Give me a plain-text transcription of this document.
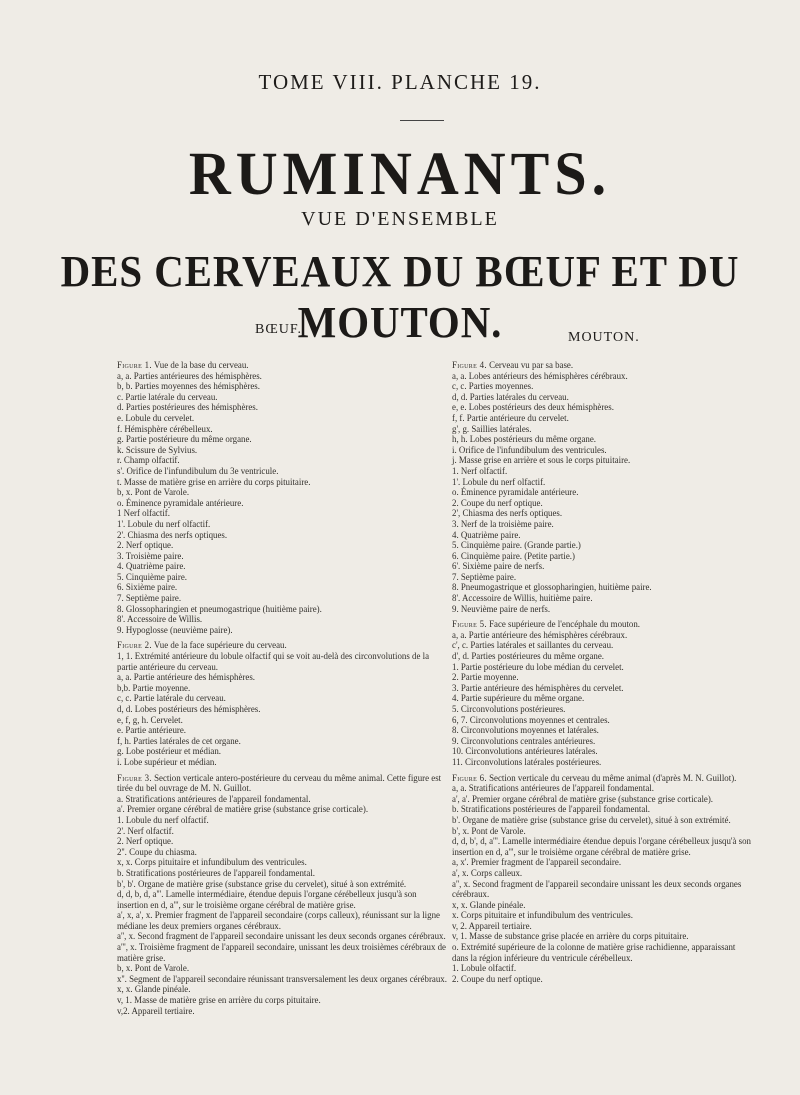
TOME VIII. PLANCHE 19.
RUMINANTS.
VUE D'ENSEMBLE
DES CERVEAUX DU BŒUF ET DU MOUTON.
BŒUF.
MOUTON.

Figure 1. Vue de la base du cerveau.

a, a. Parties antérieures des hémisphères.
b, b. Parties moyennes des hémisphères.
c. Partie latérale du cerveau.
d. Parties postérieures des hémisphères.
e. Lobule du cervelet.
f. Hémisphère cérébelleux.
g. Partie postérieure du même organe.
k. Scissure de Sylvius.
r. Champ olfactif.
s'. Orifice de l'infundibulum du 3e ventricule.
t. Masse de matière grise en arrière du corps pituitaire.
b, x. Pont de Varole.
o. Éminence pyramidale antérieure.
1 Nerf olfactif.
1'. Lobule du nerf olfactif.
2'. Chiasma des nerfs optiques.
2. Nerf optique.
3. Troisième paire.
4. Quatrième paire.
5. Cinquième paire.
6. Sixième paire.
7. Septième paire.
8. Glossopharingien et pneumogastrique (huitième paire).
8'. Accessoire de Willis.
9. Hypoglosse (neuvième paire).

Figure 2. Vue de la face supérieure du cerveau.

1, 1. Extrémité antérieure du lobule olfactif qui se voit au-delà des circonvolutions de la partie antérieure du cerveau.
a, a. Partie antérieure des hémisphères.
b,b. Partie moyenne.
c, c. Partie latérale du cerveau.
d, d. Lobes postérieurs des hémisphères.
e, f, g, h. Cervelet.
e. Partie antérieure.
f, h. Parties latérales de cet organe.
g. Lobe postérieur et médian.
i. Lobe supérieur et médian.

Figure 3. Section verticale antero-postérieure du cerveau du même animal. Cette figure est tirée du bel ouvrage de M. N. Guillot.

a. Stratifications antérieures de l'appareil fondamental.
a'. Premier organe cérébral de matière grise (substance grise corticale).
1. Lobule du nerf olfactif.
2'. Nerf olfactif.
2. Nerf optique.
2''. Coupe du chiasma.
x, x. Corps pituitaire et infundibulum des ventricules.
b. Stratifications postérieures de l'appareil fondamental.
b', b'. Organe de matière grise (substance grise du cervelet), situé à son extrémité.
d, d, b, d, a'''. Lamelle intermédiaire, étendue depuis l'organe cérébelleux jusqu'à son insertion en d, a''', sur le troisième organe cérébral de matière grise.
a', x, a', x. Premier fragment de l'appareil secondaire (corps calleux), réunissant sur la ligne médiane les deux premiers organes cérébraux.
a'', x. Second fragment de l'appareil secondaire unissant les deux seconds organes cérébraux.
a''', x. Troisième fragment de l'appareil secondaire, unissant les deux troisièmes cérébraux de matière grise.
b, x. Pont de Varole.
x''. Segment de l'appareil secondaire réunissant transversalement les deux organes cérébraux.
x, x. Glande pinéale.
v, 1. Masse de matière grise en arrière du corps pituitaire.
v,2. Appareil tertiaire.

Figure 4. Cerveau vu par sa base.

a, a. Lobes antérieurs des hémisphères cérébraux.
c, c. Parties moyennes.
d, d. Parties latérales du cerveau.
e, e. Lobes postérieurs des deux hémisphères.
f, f. Partie antérieure du cervelet.
g', g. Saillies latérales.
h, h. Lobes postérieurs du même organe.
i. Orifice de l'infundibulum des ventricules.
j. Masse grise en arrière et sous le corps pituitaire.
1. Nerf olfactif.
1'. Lobule du nerf olfactif.
o. Éminence pyramidale antérieure.
2. Coupe du nerf optique.
2', Chiasma des nerfs optiques.
3. Nerf de la troisième paire.
4. Quatrième paire.
5. Cinquième paire. (Grande partie.)
6. Cinquième paire. (Petite partie.)
6'. Sixième paire de nerfs.
7. Septième paire.
8. Pneumogastrique et glossopharingien, huitième paire.
8'. Accessoire de Willis, huitième paire.
9. Neuvième paire de nerfs.

Figure 5. Face supérieure de l'encéphale du mouton.

a, a. Partie antérieure des hémisphères cérébraux.
c', c. Parties latérales et saillantes du cerveau.
d', d. Parties postérieures du même organe.
1. Partie postérieure du lobe médian du cervelet.
2. Partie moyenne.
3. Partie antérieure des hémisphères du cervelet.
4. Partie supérieure du même organe.
5. Circonvolutions postérieures.
6, 7. Circonvolutions moyennes et centrales.
8. Circonvolutions moyennes et latérales.
9. Circonvolutions centrales antérieures.
10. Circonvolutions antérieures latérales.
11. Circonvolutions latérales postérieures.

Figure 6. Section verticale du cerveau du même animal (d'après M. N. Guillot).

a, a. Stratifications antérieures de l'appareil fondamental.
a', a'. Premier organe cérébral de matière grise (substance grise corticale).
b. Stratifications postérieures de l'appareil fondamental.
b'. Organe de matière grise (substance grise du cervelet), situé à son extrémité.
b', x. Pont de Varole.
d, d, b', d, a'''. Lamelle intermédiaire étendue depuis l'organe cérébelleux jusqu'à son insertion en d, a''', sur le troisième organe cérébral de matière grise.
a, x'. Premier fragment de l'appareil secondaire.
a', x. Corps calleux.
a'', x. Second fragment de l'appareil secondaire unissant les deux seconds organes cérébraux.
x, x. Glande pinéale.
x. Corps pituitaire et infundibulum des ventricules.
v, 2. Appareil tertiaire.
v, 1. Masse de substance grise placée en arrière du corps pituitaire.
o. Extrémité supérieure de la colonne de matière grise rachidienne, apparaissant dans la région inférieure du ventricule cérébelleux.
1. Lobule olfactif.
2. Coupe du nerf optique.
